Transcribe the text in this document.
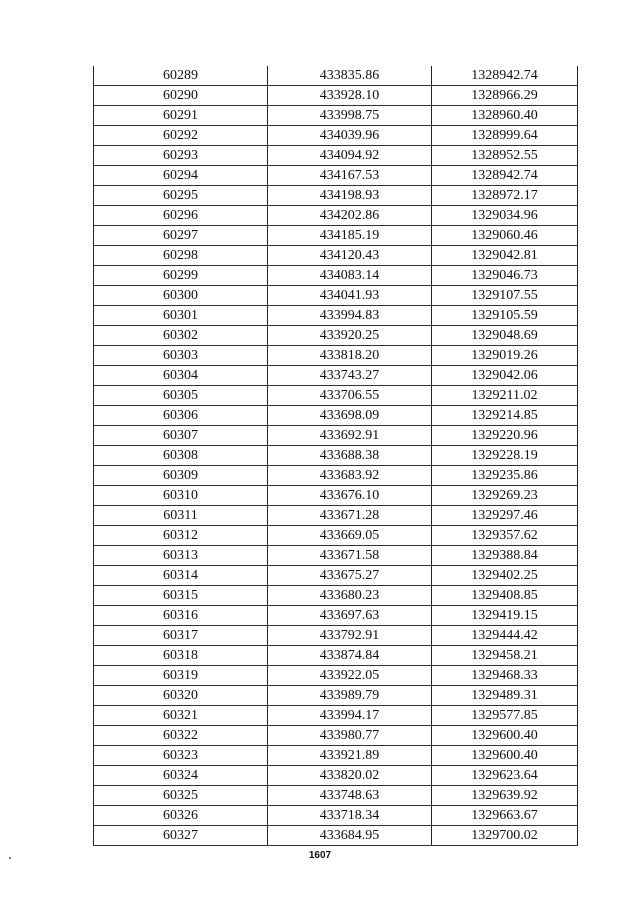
60289	433835.86	1328942.74
60290	433928.10	1328966.29
60291	433998.75	1328960.40
60292	434039.96	1328999.64
60293	434094.92	1328952.55
60294	434167.53	1328942.74
60295	434198.93	1328972.17
60296	434202.86	1329034.96
60297	434185.19	1329060.46
60298	434120.43	1329042.81
60299	434083.14	1329046.73
60300	434041.93	1329107.55
60301	433994.83	1329105.59
60302	433920.25	1329048.69
60303	433818.20	1329019.26
60304	433743.27	1329042.06
60305	433706.55	1329211.02
60306	433698.09	1329214.85
60307	433692.91	1329220.96
60308	433688.38	1329228.19
60309	433683.92	1329235.86
60310	433676.10	1329269.23
60311	433671.28	1329297.46
60312	433669.05	1329357.62
60313	433671.58	1329388.84
60314	433675.27	1329402.25
60315	433680.23	1329408.85
60316	433697.63	1329419.15
60317	433792.91	1329444.42
60318	433874.84	1329458.21
60319	433922.05	1329468.33
60320	433989.79	1329489.31
60321	433994.17	1329577.85
60322	433980.77	1329600.40
60323	433921.89	1329600.40
60324	433820.02	1329623.64
60325	433748.63	1329639.92
60326	433718.34	1329663.67
60327	433684.95	1329700.02
1607
